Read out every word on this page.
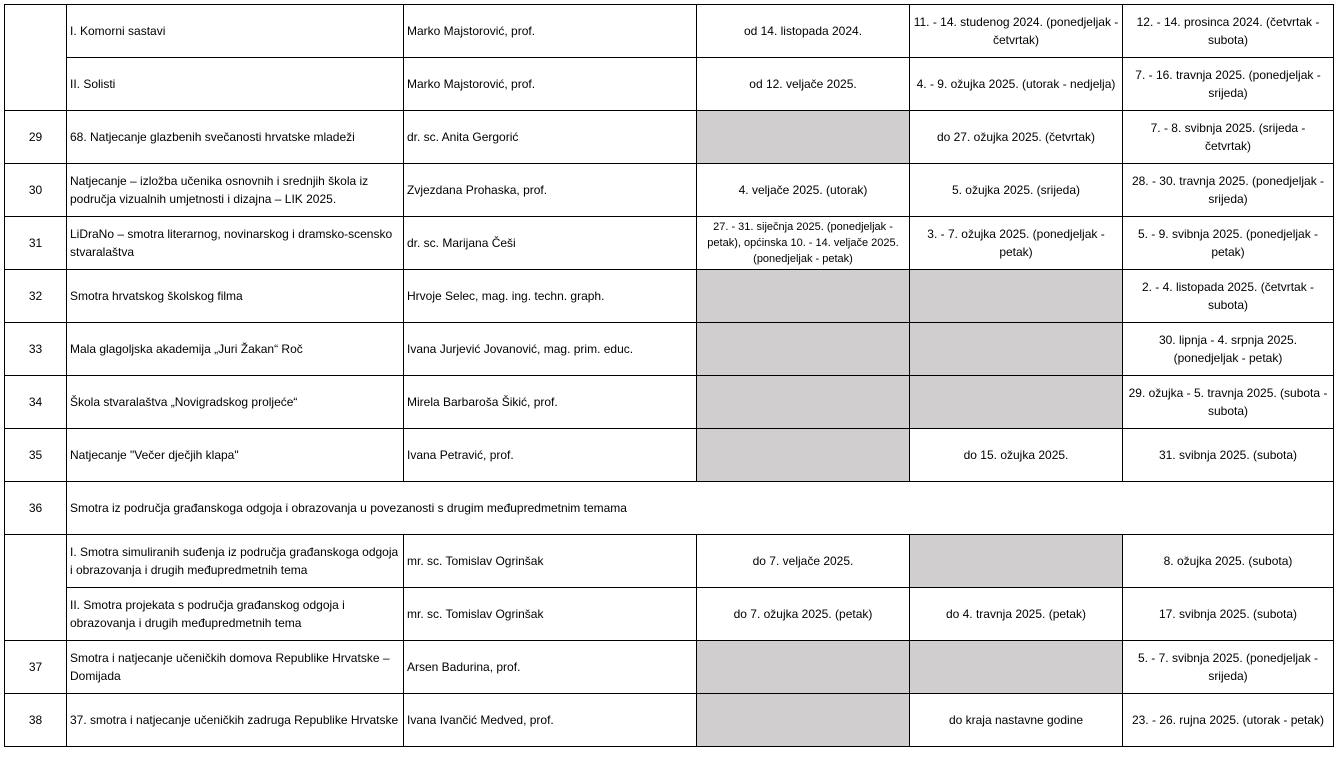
	I. Komorni sastavi	Marko Majstorović, prof.	od 14. listopada 2024.	11. - 14. studenog 2024. (ponedjeljak - četvrtak)	12. - 14. prosinca 2024. (četvrtak - subota)
	II. Solisti	Marko Majstorović, prof.	od 12. veljače 2025.	4. - 9. ožujka 2025. (utorak - nedjelja)	7. - 16. travnja 2025. (ponedjeljak - srijeda)
29	68. Natjecanje glazbenih svečanosti hrvatske mladeži	dr. sc. Anita Gergorić		do 27. ožujka 2025. (četvrtak)	7. - 8. svibnja 2025. (srijeda - četvrtak)
30	Natjecanje – izložba učenika osnovnih i srednjih škola iz područja vizualnih umjetnosti i dizajna – LIK 2025.	Zvjezdana Prohaska, prof.	4. veljače 2025. (utorak)	5. ožujka 2025. (srijeda)	28. - 30. travnja 2025. (ponedjeljak - srijeda)
31	LiDraNo – smotra literarnog, novinarskog i dramsko-scensko stvaralaštva	dr. sc. Marijana Češi	27. - 31. siječnja 2025. (ponedjeljak - petak), općinska 10. - 14. veljače 2025. (ponedjeljak - petak)	3. - 7. ožujka 2025. (ponedjeljak - petak)	5. - 9. svibnja 2025. (ponedjeljak - petak)
32	Smotra hrvatskog školskog filma	Hrvoje Selec, mag. ing. techn. graph.			2. - 4. listopada 2025. (četvrtak - subota)
33	Mala glagoljska akademija „Juri Žakan“ Roč	Ivana Jurjević Jovanović, mag. prim. educ.			30. lipnja - 4. srpnja 2025. (ponedjeljak - petak)
34	Škola stvaralaštva „Novigradskog proljeće“	Mirela Barbaroša Šikić, prof.			29. ožujka - 5. travnja 2025. (subota - subota)
35	Natjecanje "Večer dječjih klapa"	Ivana Petravić, prof.		do 15. ožujka 2025.	31. svibnja 2025. (subota)
36	Smotra iz područja građanskoga odgoja i obrazovanja u povezanosti s drugim međupredmetnim temama				
	I. Smotra simuliranih suđenja iz područja građanskoga odgoja i obrazovanja i drugih međupredmetnih tema	mr. sc. Tomislav Ogrinšak	do 7. veljače 2025.		8. ožujka 2025. (subota)
	II. Smotra projekata s područja građanskog odgoja i obrazovanja i drugih međupredmetnih tema	mr. sc. Tomislav Ogrinšak	do 7. ožujka 2025. (petak)	do 4. travnja 2025. (petak)	17. svibnja 2025. (subota)
37	Smotra i natjecanje učeničkih domova Republike Hrvatske – Domijada	Arsen Badurina, prof.			5. - 7. svibnja 2025. (ponedjeljak - srijeda)
38	37. smotra i natjecanje učeničkih zadruga Republike Hrvatske	Ivana Ivančić Medved, prof.		do kraja nastavne godine	23. - 26. rujna 2025. (utorak - petak)
